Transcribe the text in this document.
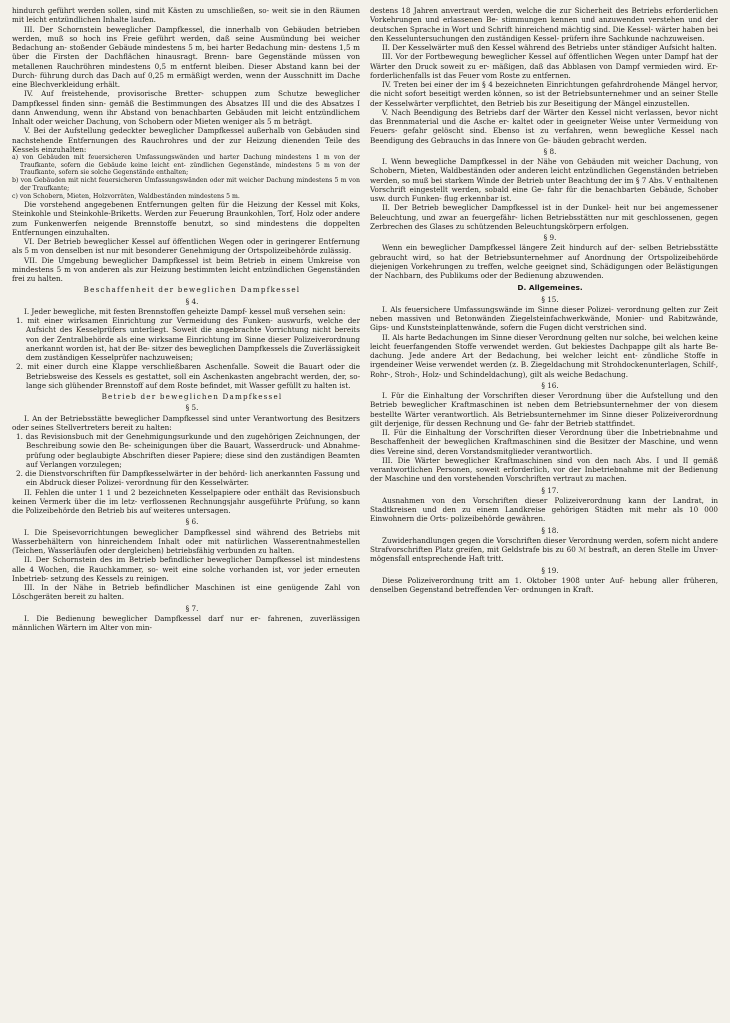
hindurch geführt werden sollen, sind mit Kästen zu umschließen, so- weit sie in den Räumen mit leicht entzündlichen Inhalte laufen.

III. Der Schornstein beweglicher Dampfkessel, die innerhalb von Gebäuden betrieben werden, muß so hoch ins Freie geführt werden, daß seine Ausmündung bei weicher Bedachung an- stoßender Gebäude mindestens 5 m, bei harter Bedachung min- destens 1,5 m über die Firsten der Dachflächen hinausragt. Brenn- bare Gegenstände müssen von metallenen Rauchröhren mindestens 0,5 m entfernt bleiben. Dieser Abstand kann bei der Durch- führung durch das Dach auf 0,25 m ermäßigt werden, wenn der Ausschnitt im Dache eine Blechverkleidung erhält.

IV. Auf freistehende, provisorische Bretter- schuppen zum Schutze beweglicher Dampfkessel finden sinn- gemäß die Bestimmungen des Absatzes III und die des Absatzes I dann Anwendung, wenn ihr Abstand von benachbarten Gebäuden mit leicht entzündlichem Inhalt oder weicher Dachung, von Schobern oder Mieten weniger als 5 m beträgt.

V. Bei der Aufstellung gedeckter beweglicher Dampfkessel außerhalb von Gebäuden sind nachstehende Entfernungen des Rauchrohres und der zur Heizung dienenden Teile des Kessels einzuhalten:

a) von Gebäuden mit feuersicheren Umfassungswänden und harter Dachung mindestens 1 m von der Traufkante, sofern die Gebäude keine leicht ent- zündlichen Gegenstände, mindestens 5 m von der Traufkante, sofern sie solche Gegenstände enthalten;

b) von Gebäuden mit nicht feuersicheren Umfassungswänden oder mit weicher Dachung mindestens 5 m von der Traufkante;

c) von Schobern, Mieten, Holzvorräten, Waldbeständen mindestens 5 m.

Die vorstehend angegebenen Entfernungen gelten für die Heizung der Kessel mit Koks, Steinkohle und Steinkohle-Briketts. Werden zur Feuerung Braunkohlen, Torf, Holz oder andere zum Funkenwerfen neigende Brennstoffe benutzt, so sind mindestens die doppelten Entfernungen einzuhalten.

VI. Der Betrieb beweglicher Kessel auf öffentlichen Wegen oder in geringerer Entfernung als 5 m von denselben ist nur mit besonderer Genehmigung der Ortspolizeibehörde zulässig.

VII. Die Umgebung beweglicher Dampfkessel ist beim Betrieb in einem Umkreise von mindestens 5 m von anderen als zur Heizung bestimmten leicht entzündlichen Gegenständen frei zu halten.

Beschaffenheit der beweglichen Dampfkessel

§ 4.

I. Jeder bewegliche, mit festen Brennstoffen geheizte Dampf- kessel muß versehen sein:

1. mit einer wirksamen Einrichtung zur Vermeidung des Funken- auswurfs, welche der Aufsicht des Kesselprüfers unterliegt. Soweit die angebrachte Vorrichtung nicht bereits von der Zentralbehörde als eine wirksame Einrichtung im Sinne dieser Polizeiverordnung anerkannt worden ist, hat der Be- sitzer des beweglichen Dampfkessels die Zuverlässigkeit dem zuständigen Kesselprüfer nachzuweisen;

2. mit einer durch eine Klappe verschließbaren Aschenfalle. Soweit die Bauart oder die Betriebsweise des Kessels es gestattet, soll ein Aschenkasten angebracht werden, der, so- lange sich glühender Brennstoff auf dem Roste befindet, mit Wasser gefüllt zu halten ist.

Betrieb der beweglichen Dampfkessel

§ 5.

I. An der Betriebsstätte beweglicher Dampfkessel sind unter Verantwortung des Besitzers oder seines Stellvertreters bereit zu halten:

1. das Revisionsbuch mit der Genehmigungsurkunde und den zugehörigen Zeichnungen, der Beschreibung sowie den Be- scheinigungen über die Bauart, Wasserdruck- und Abnahme- prüfung oder beglaubigte Abschriften dieser Papiere; diese sind den zuständigen Beamten auf Verlangen vorzulegen;

2. die Dienstvorschriften für Dampfkesselwärter in der behörd- lich anerkannten Fassung und ein Abdruck dieser Polizei- verordnung für den Kesselwärter.

II. Fehlen die unter 1 1 und 2 bezeichneten Kesselpapiere oder enthält das Revisionsbuch keinen Vermerk über die im letz- verflossenen Rechnungsjahr ausgeführte Prüfung, so kann die Polizeibehörde den Betrieb bis auf weiteres untersagen.

§ 6.

I. Die Speisevorrichtungen beweglicher Dampfkessel sind während des Betriebs mit Wasserbehältern von hinreichendem Inhalt oder mit natürlichen Wasserentnahmestellen (Teichen, Wasserläufen oder dergleichen) betriebsfähig verbunden zu halten.

II. Der Schornstein des im Betrieb befindlicher beweglicher Dampfkessel ist mindestens alle 4 Wochen, die Rauchkammer, so- weit eine solche vorhanden ist, vor jeder erneuten Inbetrieb- setzung des Kessels zu reinigen.

III. In der Nähe in Betrieb befindlicher Maschinen ist eine genügende Zahl von Löschgeräten bereit zu halten.

§ 7.

I. Die Bedienung beweglicher Dampfkessel darf nur er- fahrenen, zuverlässigen männlichen Wärtern im Alter von min-

destens 18 Jahren anvertraut werden, welche die zur Sicherheit des Betriebs erforderlichen Vorkehrungen und erlassenen Be- stimmungen kennen und anzuwenden verstehen und der deutschen Sprache in Wort und Schrift hinreichend mächtig sind. Die Kessel- wärter haben bei den Kesseluntersuchungen den zuständigen Kessel- prüfern ihre Sachkunde nachzuweisen.

II. Der Kesselwärter muß den Kessel während des Betriebs unter ständiger Aufsicht halten.

III. Vor der Fortbewegung beweglicher Kessel auf öffentlichen Wegen unter Dampf hat der Wärter den Druck soweit zu er- mäßigen, daß das Abblasen von Dampf vermieden wird. Er- forderlichenfalls ist das Feuer vom Roste zu entfernen.

IV. Treten bei einer der im § 4 bezeichneten Einrichtungen gefahrdrohende Mängel hervor, die nicht sofort beseitigt werden können, so ist der Betriebsunternehmer und an seiner Stelle der Kesselwärter verpflichtet, den Betrieb bis zur Beseitigung der Mängel einzustellen.

V. Nach Beendigung des Betriebs darf der Wärter den Kessel nicht verlassen, bevor nicht das Brennmaterial und die Asche er- kaltet oder in geeigneter Weise unter Vermeidung von Feuers- gefahr gelöscht sind. Ebenso ist zu verfahren, wenn bewegliche Kessel nach Beendigung des Gebrauchs in das Innere von Ge- bäuden gebracht werden.

§ 8.

I. Wenn bewegliche Dampfkessel in der Nähe von Gebäuden mit weicher Dachung, von Schobern, Mieten, Waldbeständen oder anderen leicht entzündlichen Gegenständen betrieben werden, so muß bei starkem Winde der Betrieb unter Beachtung der im § 7 Abs. V enthaltenen Vorschrift eingestellt werden, sobald eine Ge- fahr für die benachbarten Gebäude, Schober usw. durch Funken- flug erkennbar ist.

II. Der Betrieb beweglicher Dampfkessel ist in der Dunkel- heit nur bei angemessener Beleuchtung, und zwar an feuergefähr- lichen Betriebsstätten nur mit geschlossenen, gegen Zerbrechen des Glases zu schützenden Beleuchtungskörpern erfolgen.

§ 9.

Wenn ein beweglicher Dampfkessel längere Zeit hindurch auf der- selben Betriebsstätte gebraucht wird, so hat der Betriebsunternehmer auf Anordnung der Ortspolizeibehörde diejenigen Vorkehrungen zu treffen, welche geeignet sind, Schädigungen oder Belästigungen der Nachbarn, des Publikums oder der Bedienung abzuwenden.

D. Allgemeines.

§ 15.

I. Als feuersichere Umfassungswände im Sinne dieser Polizei- verordnung gelten zur Zeit neben massiven und Betonwänden Ziegelsteinfachwerkwände, Monier- und Rabitzwände, Gips- und Kunststeinplattenwände, sofern die Fugen dicht verstrichen sind.

II. Als harte Bedachungen im Sinne dieser Verordnung gelten nur solche, bei welchen keine leicht feuerfangenden Stoffe verwendet werden. Gut bekiestes Dachpappe gilt als harte Be- dachung. Jede andere Art der Bedachung, bei welcher leicht ent- zündliche Stoffe in irgendeiner Weise verwendet werden (z. B. Ziegeldachung mit Strohdockenunterlagen, Schilf-, Rohr-, Stroh-, Holz- und Schindeldachung), gilt als weiche Bedachung.

§ 16.

I. Für die Einhaltung der Vorschriften dieser Verordnung über die Aufstellung und den Betrieb beweglicher Kraftmaschinen ist neben dem Betriebsunternehmer der von diesem bestellte Wärter verantwortlich. Als Betriebsunternehmer im Sinne dieser Polizeiverordnung gilt derjenige, für dessen Rechnung und Ge- fahr der Betrieb stattfindet.

II. Für die Einhaltung der Vorschriften dieser Verordnung über die Inbetriebnahme und Beschaffenheit der beweglichen Kraftmaschinen sind die Besitzer der Maschine, und wenn dies Vereine sind, deren Vorstandsmitglieder verantwortlich.

III. Die Wärter beweglicher Kraftmaschinen sind von den nach Abs. I und II gemäß verantwortlichen Personen, soweit erforderlich, vor der Inbetriebnahme mit der Bedienung der Maschine und den vorstehenden Vorschriften vertraut zu machen.

§ 17.

Ausnahmen von den Vorschriften dieser Polizeiverordnung kann der Landrat, in Stadtkreisen und den zu einem Landkreise gehörigen Städten mit mehr als 10 000 Einwohnern die Orts- polizeibehörde gewähren.

§ 18.

Zuwiderhandlungen gegen die Vorschriften dieser Verordnung werden, sofern nicht andere Strafvorschriften Platz greifen, mit Geldstrafe bis zu 60 ℳ bestraft, an deren Stelle im Unver- mögensfall entsprechende Haft tritt.

§ 19.

Diese Polizeiverordnung tritt am 1. Oktober 1908 unter Auf- hebung aller früheren, denselben Gegenstand betreffenden Ver- ordnungen in Kraft.
